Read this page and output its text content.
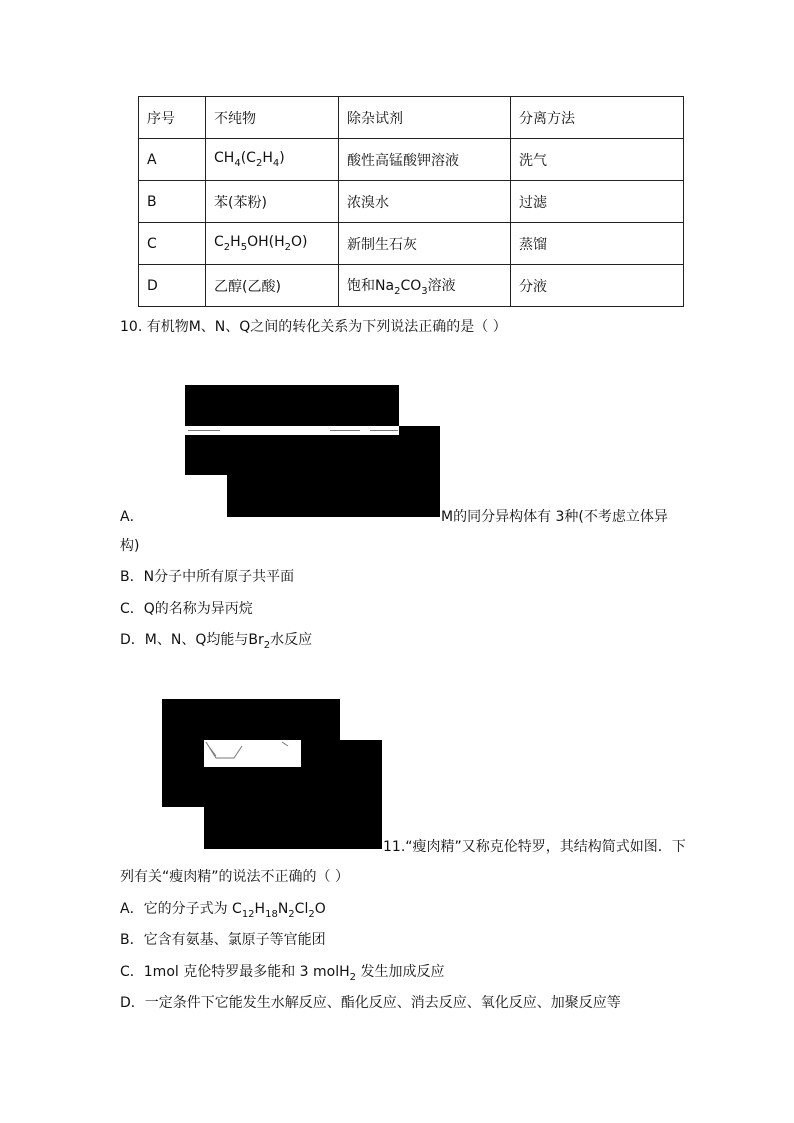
序号	不纯物	除杂试剂	分离方法
A	$CH_4(C_2H_4)$	酸性高锰酸钾溶液	洗气
B	苯(苯粉)	浓溴水	过滤
C	$C_2H_5OH(H_2O)$	新制生石灰	蒸馏
D	乙醇(乙酸)	饱和$Na_2CO_3$溶液	分液
10. 有机物M、N、Q之间的转化关系为下列说法正确的是（ ）
A．	M的同分异构体有 3种(不考虑立体异
构)
B．N分子中所有原子共平面
C．Q的名称为异丙烷
D．M、N、Q均能与$Br_2$水反应
11.“瘦肉精”又称克伦特罗，其结构简式如图．下
列有关“瘦肉精”的说法不正确的（ ）
A．它的分子式为 $C_{12}H_{18}N_2Cl_2O$
B．它含有氨基、氯原子等官能团
C．1mol 克伦特罗最多能和 3 molH$_2$ 发生加成反应
D．一定条件下它能发生水解反应、酯化反应、消去反应、氧化反应、加聚反应等
